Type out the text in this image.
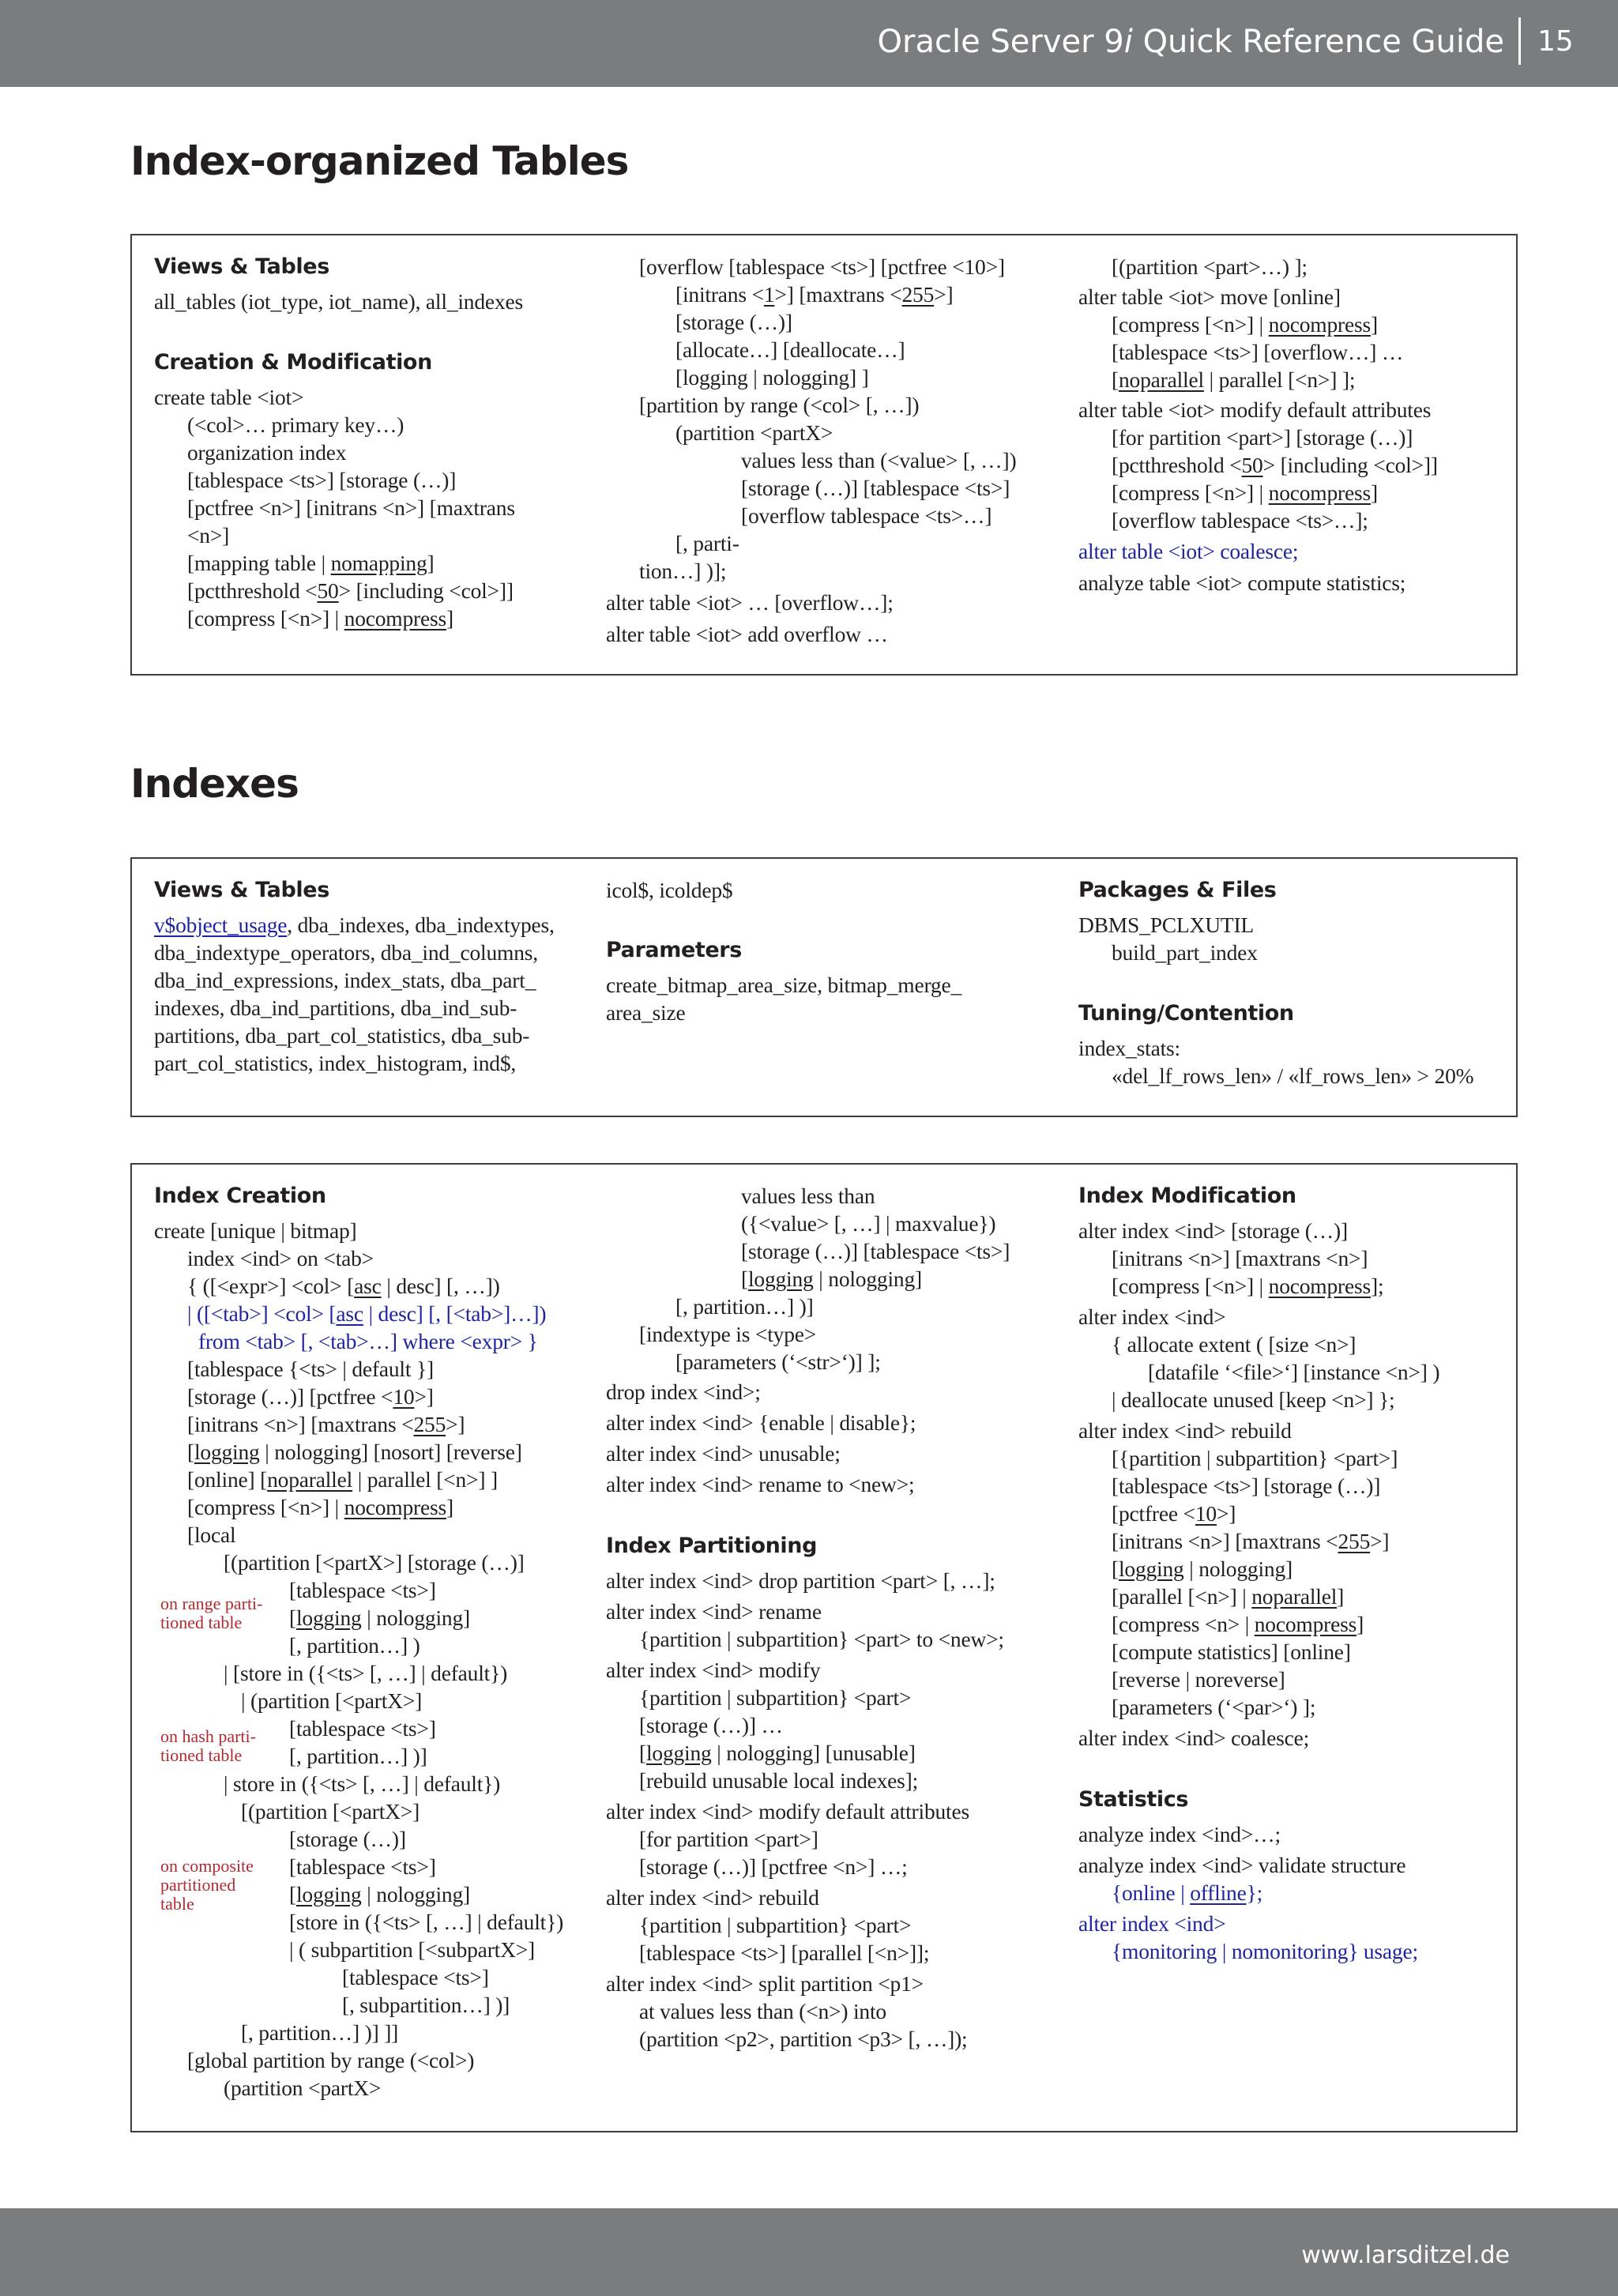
Oracle Server 9i Quick Reference Guide 15
Index-organized Tables
Views & Tables
all_tables (iot_type, iot_name), all_indexes
Creation & Modification
create table <iot>
(<col>… primary key…)
organization index
[tablespace <ts>] [storage (…)]
[pctfree <n>] [initrans <n>] [maxtrans
<n>]
[mapping table | nomapping]
[pctthreshold <50> [including <col>]]
[compress [<n>] | nocompress]
[overflow [tablespace <ts>] [pctfree <10>]
[initrans <1>] [maxtrans <255>]
[storage (…)]
[allocate…] [deallocate…]
[logging | nologging] ]
[partition by range (<col> [, …])
(partition <partX>
values less than (<value> [, …])
[storage (…)] [tablespace <ts>]
[overflow tablespace <ts>…]
[, parti-
tion…] )];
alter table <iot> … [overflow…];
alter table <iot> add overflow …
[(partition <part>…) ];
alter table <iot> move [online]
[compress [<n>] | nocompress]
[tablespace <ts>] [overflow…] …
[noparallel | parallel [<n>] ];
alter table <iot> modify default attributes
[for partition <part>] [storage (…)]
[pctthreshold <50> [including <col>]]
[compress [<n>] | nocompress]
[overflow tablespace <ts>…];
alter table <iot> coalesce;
analyze table <iot> compute statistics;
Indexes
Views & Tables
v$object_usage, dba_indexes, dba_indextypes,
dba_indextype_operators, dba_ind_columns,
dba_ind_expressions, index_stats, dba_part_
indexes, dba_ind_partitions, dba_ind_sub-
partitions, dba_part_col_statistics, dba_sub-
part_col_statistics, index_histogram, ind$,
icol$, icoldep$
Parameters
create_bitmap_area_size, bitmap_merge_
area_size
Packages & Files
DBMS_PCLXUTIL
build_part_index
Tuning/Contention
index_stats:
«del_lf_rows_len» / «lf_rows_len» > 20%
Index Creation
create [unique | bitmap]
index <ind> on <tab>
{ ([<expr>] <col> [asc | desc] [, …])
| ([<tab>] <col> [asc | desc] [, [<tab>]…])
from <tab> [, <tab>…] where <expr> }
[tablespace {<ts> | default }]
[storage (…)] [pctfree <10>]
[initrans <n>] [maxtrans <255>]
[logging | nologging] [nosort] [reverse]
[online] [noparallel | parallel [<n>] ]
[compress [<n>] | nocompress]
[local
[(partition [<partX>] [storage (…)]
[tablespace <ts>]
[logging | nologging]
[, partition…] )
| [store in ({<ts> [, …] | default})
| (partition [<partX>]
[tablespace <ts>]
[, partition…] )]
| store in ({<ts> [, …] | default})
[(partition [<partX>]
[storage (…)]
[tablespace <ts>]
[logging | nologging]
[store in ({<ts> [, …] | default})
| ( subpartition [<subpartX>]
[tablespace <ts>]
[, subpartition…] )]
[, partition…] )] ]]
[global partition by range (<col>)
(partition <partX>
on range parti-
tioned table
on hash parti-
tioned table
on composite
partitioned
table
values less than
({<value> [, …] | maxvalue})
[storage (…)] [tablespace <ts>]
[logging | nologging]
[, partition…] )]
[indextype is <type>
[parameters (‘<str>‘)] ];
drop index <ind>;
alter index <ind> {enable | disable};
alter index <ind> unusable;
alter index <ind> rename to <new>;
Index Partitioning
alter index <ind> drop partition <part> [, …];
alter index <ind> rename
{partition | subpartition} <part> to <new>;
alter index <ind> modify
{partition | subpartition} <part>
[storage (…)] …
[logging | nologging] [unusable]
[rebuild unusable local indexes];
alter index <ind> modify default attributes
[for partition <part>]
[storage (…)] [pctfree <n>] …;
alter index <ind> rebuild
{partition | subpartition} <part>
[tablespace <ts>] [parallel [<n>]];
alter index <ind> split partition <p1>
at values less than (<n>) into
(partition <p2>, partition <p3> [, …]);
Index Modification
alter index <ind> [storage (…)]
[initrans <n>] [maxtrans <n>]
[compress [<n>] | nocompress];
alter index <ind>
{ allocate extent ( [size <n>]
[datafile ‘<file>‘] [instance <n>] )
| deallocate unused [keep <n>] };
alter index <ind> rebuild
[{partition | subpartition} <part>]
[tablespace <ts>] [storage (…)]
[pctfree <10>]
[initrans <n>] [maxtrans <255>]
[logging | nologging]
[parallel [<n>] | noparallel]
[compress <n> | nocompress]
[compute statistics] [online]
[reverse | noreverse]
[parameters (‘<par>‘) ];
alter index <ind> coalesce;
Statistics
analyze index <ind>…;
analyze index <ind> validate structure
{online | offline};
alter index <ind>
{monitoring | nomonitoring} usage;
www.larsditzel.de
